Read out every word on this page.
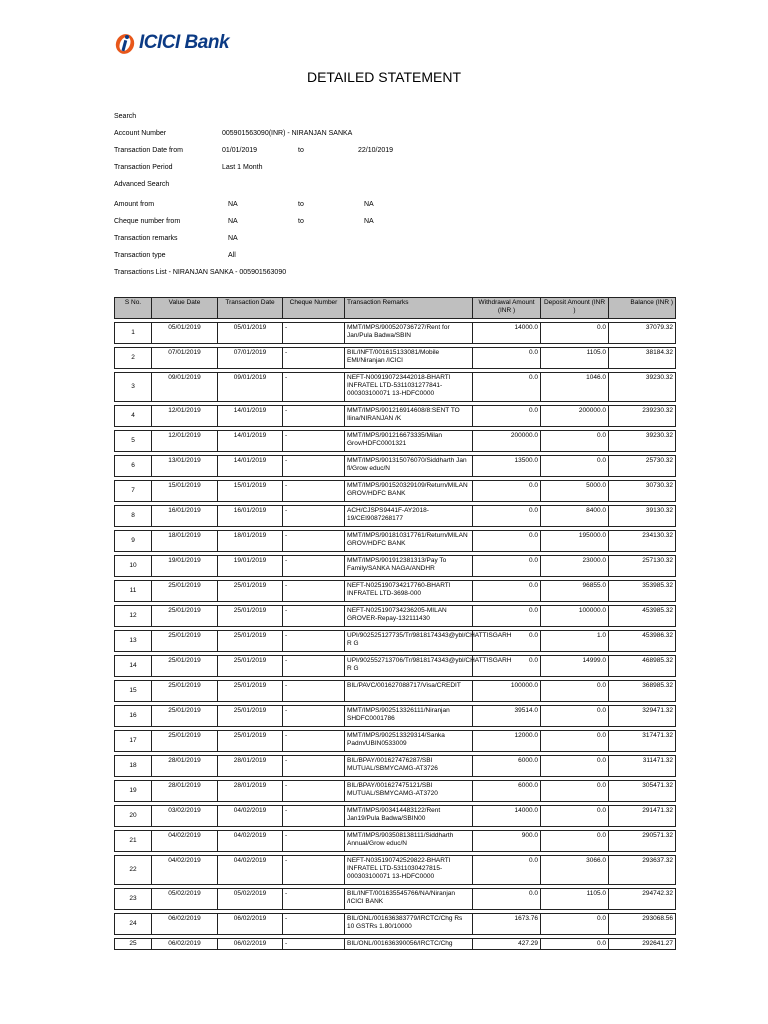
ICICI Bank
DETAILED STATEMENT
Search
Account Number	005901563090(INR) - NIRANJAN SANKA
Transaction Date from	01/01/2019	to	22/10/2019
Transaction Period	Last 1 Month
Advanced Search
Amount from	NA	to	NA
Cheque number from	NA	to	NA
Transaction remarks	NA
Transaction type	All
Transactions List - NIRANJAN SANKA - 005901563090
S No.	Value Date	Transaction Date	Cheque Number	Transaction Remarks	Withdrawal Amount (INR )	Deposit Amount (INR )	Balance (INR )

1	05/01/2019	05/01/2019	-	MMT/IMPS/900520736727/Rent for Jan/Pula Badwa/SBIN	14000.0	0.0	37079.32

2	07/01/2019	07/01/2019	-	BIL/INFT/001615133081/Mobile EMI/Niranjan /ICICI	0.0	1105.0	38184.32

3	09/01/2019	09/01/2019	-	NEFT-N009190723442018-BHARTI INFRATEL LTD-5311031277841-000303100071 13-HDFC0000	0.0	1046.0	39230.32

4	12/01/2019	14/01/2019	-	MMT/IMPS/901216914608/8:SENT TO Ilina/NIRANJAN /K	0.0	200000.0	239230.32

5	12/01/2019	14/01/2019	-	MMT/IMPS/901216673335/Milan Grov/HDFC0001321	200000.0	0.0	39230.32

6	13/01/2019	14/01/2019	-	MMT/IMPS/901315076070/Siddharth Jan fl/Grow educ/N	13500.0	0.0	25730.32

7	15/01/2019	15/01/2019	-	MMT/IMPS/901520329109/Return/MILAN GROV/HDFC BANK	0.0	5000.0	30730.32

8	16/01/2019	16/01/2019	-	ACH/CJSPS9441F-AY2018-19/CEI9087268177	0.0	8400.0	39130.32

9	18/01/2019	18/01/2019	-	MMT/IMPS/901810317761/Return/MILAN GROV/HDFC BANK	0.0	195000.0	234130.32

10	19/01/2019	19/01/2019	-	MMT/IMPS/901912381313/Pay To Family/SANKA NAGA/ANDHR	0.0	23000.0	257130.32

11	25/01/2019	25/01/2019	-	NEFT-N025190734217760-BHARTI INFRATEL LTD-3698-000	0.0	96855.0	353985.32

12	25/01/2019	25/01/2019	-	NEFT-N025190734236205-MILAN GROVER-Repay-132111430	0.0	100000.0	453985.32

13	25/01/2019	25/01/2019	-	UPI/902525127735/Tr/9818174343@ybl/CHATTISGARH R G	0.0	1.0	453986.32

14	25/01/2019	25/01/2019	-	UPI/902552713706/Tr/9818174343@ybl/CHATTISGARH R G	0.0	14999.0	468985.32

15	25/01/2019	25/01/2019	-	BIL/PAVC/001627088717/Visa/CREDIT	100000.0	0.0	368985.32

16	25/01/2019	25/01/2019	-	MMT/IMPS/902513326111/Niranjan SHDFC0001786	39514.0	0.0	329471.32

17	25/01/2019	25/01/2019	-	MMT/IMPS/902513329314/Sanka Padm/UBIN0533009	12000.0	0.0	317471.32

18	28/01/2019	28/01/2019	-	BIL/BPAY/001627476287/SBI MUTUAL/SBMYCAMG-AT3726	6000.0	0.0	311471.32

19	28/01/2019	28/01/2019	-	BIL/BPAY/001627475121/SBI MUTUAL/SBMYCAMG-AT3720	6000.0	0.0	305471.32

20	03/02/2019	04/02/2019	-	MMT/IMPS/903414483122/Rent Jan19/Pula Badwa/SBIN00	14000.0	0.0	291471.32

21	04/02/2019	04/02/2019	-	MMT/IMPS/903508138111/Siddharth Annual/Grow educ/N	900.0	0.0	290571.32

22	04/02/2019	04/02/2019	-	NEFT-N035190742529822-BHARTI INFRATEL LTD-5311030427815-000303100071 13-HDFC0000	0.0	3066.0	293637.32

23	05/02/2019	05/02/2019	-	BIL/INFT/001635545766/NA/Niranjan /ICICI BANK	0.0	1105.0	294742.32

24	06/02/2019	06/02/2019	-	BIL/ONL/001636383779/IRCTC/Chg Rs 10 GSTRs 1.80/10000	1673.76	0.0	293068.56

25	06/02/2019	06/02/2019	-	BIL/ONL/001636390056/IRCTC/Chg	427.29	0.0	292641.27
